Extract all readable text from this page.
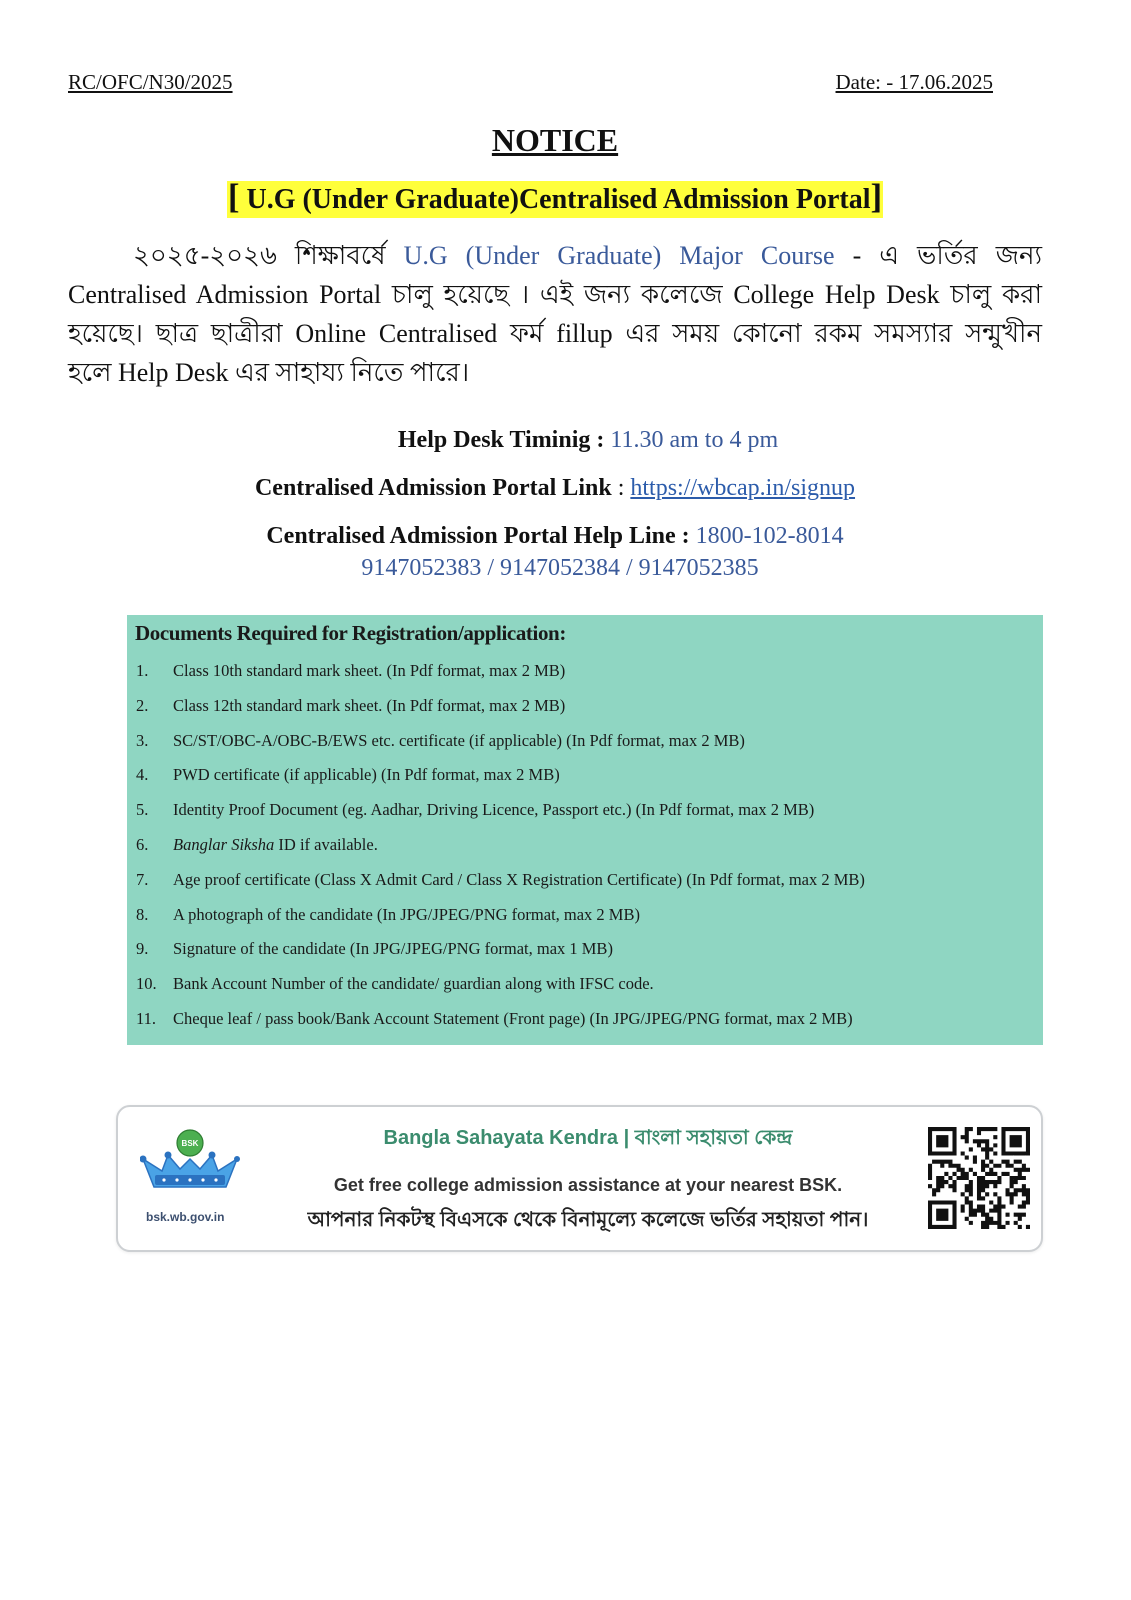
RC/OFC/N30/2025	Date: - 17.06.2025
NOTICE
[ U.G (Under Graduate)Centralised Admission Portal]
২০২৫-২০২৬ শিক্ষাবর্ষে U.G (Under Graduate) Major Course - এ ভর্তির জন্য
Centralised Admission Portal চালু হয়েছে । এই জন্য কলেজে College Help Desk চালু করা
হয়েছে। ছাত্র ছাত্রীরা Online Centralised ফর্ম fillup এর সময় কোনো রকম সমস্যার সন্মুখীন
হলে Help Desk এর সাহায্য নিতে পারে।
Help Desk Timinig : 11.30 am to 4 pm
Centralised Admission Portal Link : https://wbcap.in/signup
Centralised Admission Portal Help Line : 1800-102-8014
9147052383 / 9147052384 / 9147052385
Documents Required for Registration/application:
1.	Class 10th standard mark sheet. (In Pdf format, max 2 MB)
2.	Class 12th standard mark sheet. (In Pdf format, max 2 MB)
3.	SC/ST/OBC-A/OBC-B/EWS etc. certificate (if applicable) (In Pdf format, max 2 MB)
4.	PWD certificate (if applicable) (In Pdf format, max 2 MB)
5.	Identity Proof Document (eg. Aadhar, Driving Licence, Passport etc.) (In Pdf format, max 2 MB)
6.	Banglar Siksha ID if available.
7.	Age proof certificate (Class X Admit Card / Class X Registration Certificate) (In Pdf format, max 2 MB)
8.	A photograph of the candidate (In JPG/JPEG/PNG format, max 2 MB)
9.	Signature of the candidate (In JPG/JPEG/PNG format, max 1 MB)
10. Bank Account Number of the candidate/ guardian along with IFSC code.
11.	Cheque leaf / pass book/Bank Account Statement (Front page) (In JPG/JPEG/PNG format, max 2 MB)
BSK
bsk.wb.gov.in
Bangla Sahayata Kendra | বাংলা সহায়তা কেন্দ্র
Get free college admission assistance at your nearest BSK.
আপনার নিকটস্থ বিএসকে থেকে বিনামূল্যে কলেজে ভর্তির সহায়তা পান।
